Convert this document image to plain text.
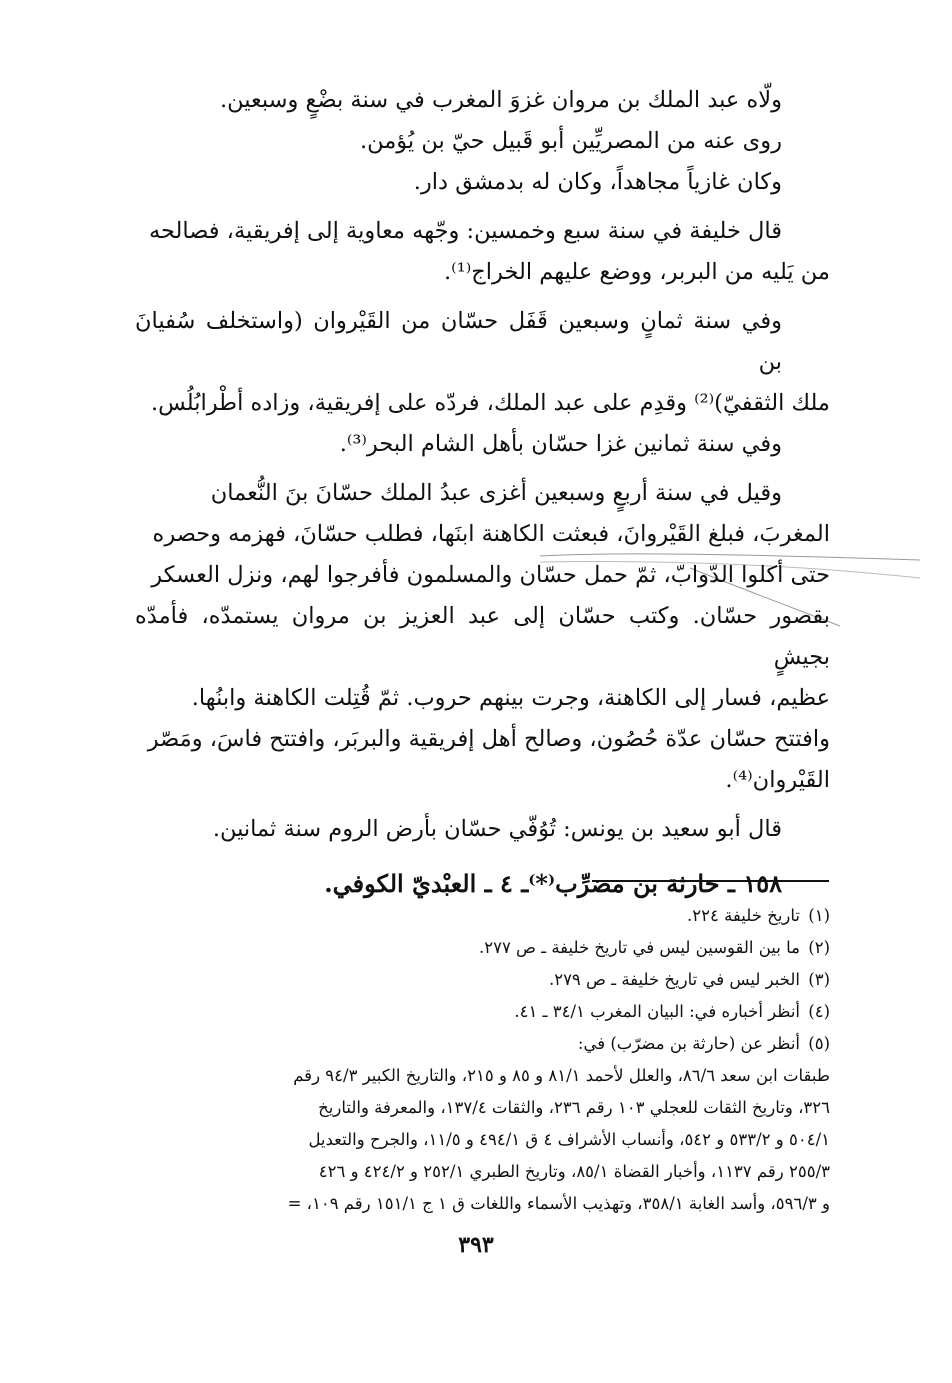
ولّاه عبد الملك بن مروان غزوَ المغرب في سنة بضْعٍ وسبعين.
روى عنه من المصريِّين أبو قَبيل حيّ بن يُؤمن.
وكان غازياً مجاهداً، وكان له بدمشق دار.
قال خليفة في سنة سبع وخمسين: وجّهه معاوية إلى إفريقية، فصالحه
من يَليه من البربر، ووضع عليهم الخراج⁽¹⁾.
وفي سنة ثمانٍ وسبعين قَفَل حسّان من القَيْروان (واستخلف سُفيانَ بن
ملك الثقفيّ)⁽²⁾ وقدِم على عبد الملك، فردّه على إفريقية، وزاده أطْرابُلُس.
وفي سنة ثمانين غزا حسّان بأهل الشام البحر⁽³⁾.
وقيل في سنة أربعٍ وسبعين أغزى عبدُ الملك حسّانَ بنَ النُّعمان
المغربَ، فبلغ القَيْروانَ، فبعثت الكاهنة ابنَها، فطلب حسّانَ، فهزمه وحصره
حتى أكلوا الدّوابّ، ثمّ حمل حسّان والمسلمون فأفرجوا لهم، ونزل العسكر
بقصور حسّان. وكتب حسّان إلى عبد العزيز بن مروان يستمدّه، فأمدّه بجيشٍ
عظيم، فسار إلى الكاهنة، وجرت بينهم حروب. ثمّ قُتِلت الكاهنة وابنُها.
وافتتح حسّان عدّة حُصُون، وصالح أهل إفريقية والبربَر، وافتتح فاسَ، ومَصّر
القَيْروان⁽⁴⁾.
قال أبو سعيد بن يونس: تُوُفّي حسّان بأرض الروم سنة ثمانين.
١٥٨ ـ حارثة بن مضرِّب⁽*⁾ـ ٤ ـ العبْديّ الكوفي.
(١)تاريخ خليفة ٢٢٤.
(٢)ما بين القوسين ليس في تاريخ خليفة ـ ص ٢٧٧.
(٣)الخبر ليس في تاريخ خليفة ـ ص ٢٧٩.
(٤)أنظر أخباره في: البيان المغرب ٣٤/١ ـ ٤١.
(٥)أنظر عن (حارثة بن مضرّب) في:
طبقات ابن سعد ٨٦/٦، والعلل لأحمد ٨١/١ و ٨٥ و ٢١٥، والتاريخ الكبير ٩٤/٣ رقم
٣٢٦، وتاريخ الثقات للعجلي ١٠٣ رقم ٢٣٦، والثقات ١٣٧/٤، والمعرفة والتاريخ
٥٠٤/١ و ٥٣٣/٢ و ٥٤٢، وأنساب الأشراف ٤ ق ٤٩٤/١ و ١١/٥، والجرح والتعديل
٢٥٥/٣ رقم ١١٣٧، وأخبار القضاة ٨٥/١، وتاريخ الطبري ٢٥٢/١ و ٤٢٤/٢ و ٤٢٦
و ٥٩٦/٣، وأسد الغابة ٣٥٨/١، وتهذيب الأسماء واللغات ق ١ ج ١٥١/١ رقم ١٠٩، =
٣٩٣
